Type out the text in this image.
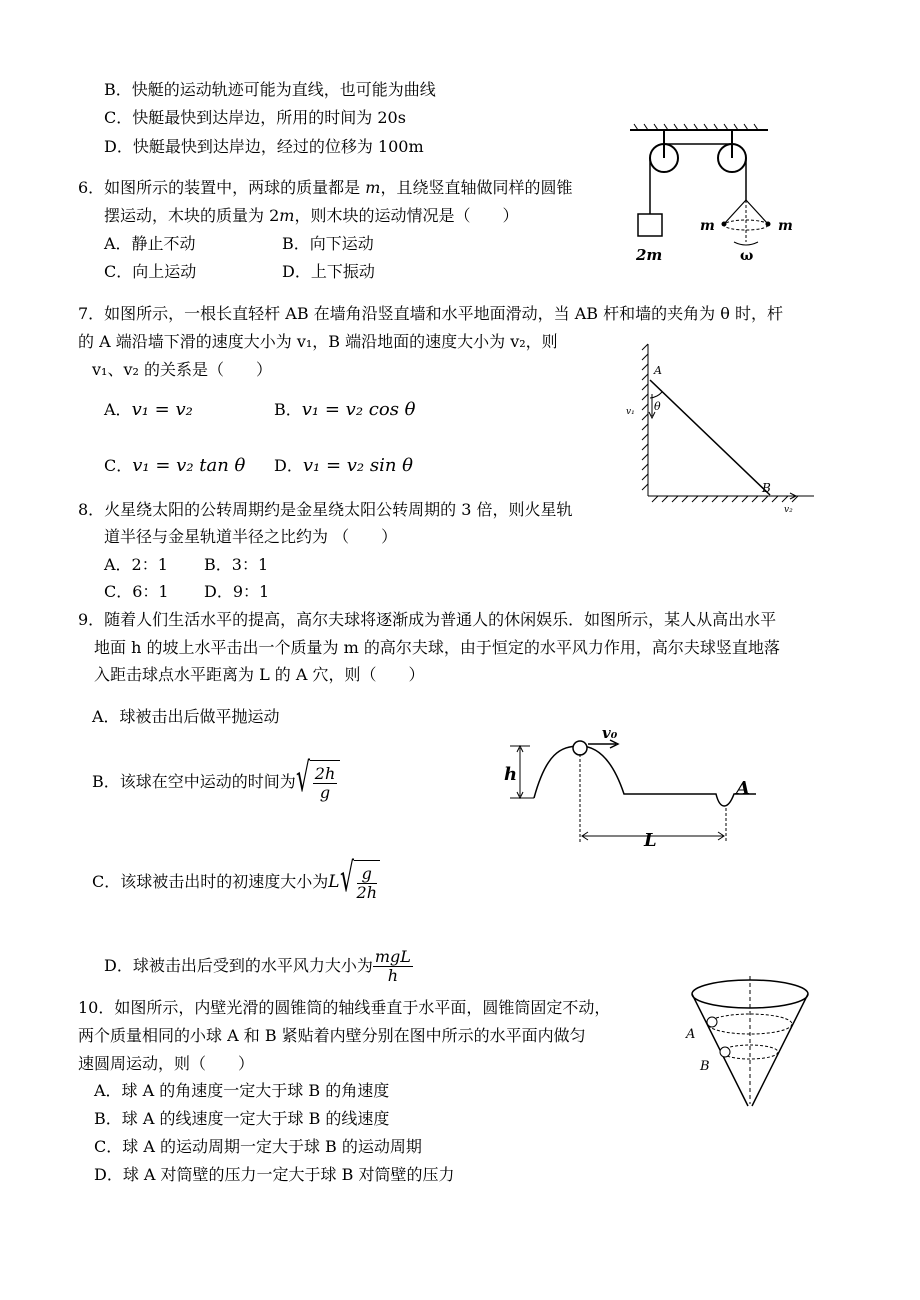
B．快艇的运动轨迹可能为直线，也可能为曲线
C．快艇最快到达岸边，所用的时间为 20s
D．快艇最快到达岸边，经过的位移为 100m
6．如图所示的装置中，两球的质量都是 m，且绕竖直轴做同样的圆锥
摆运动，木块的质量为 2m，则木块的运动情况是（　　）
A．静止不动	B．向下运动
C．向上运动	D．上下振动
2m
m	m
ω
7．如图所示，一根长直轻杆 AB 在墙角沿竖直墙和水平地面滑动，当 AB 杆和墙的夹角为 θ 时，杆
的 A 端沿墙下滑的速度大小为 v₁，B 端沿地面的速度大小为 v₂，则
v₁、v₂ 的关系是（　　）
A．v₁ = v₂	B．v₁ = v₂ cos θ
C．v₁ = v₂ tan θ D．v₁ = v₂ sin θ
A
θ
B
v₁
v₂
8．火星绕太阳的公转周期约是金星绕太阳公转周期的 3 倍，则火星轨
道半径与金星轨道半径之比约为 （　　）
A．2：1 B．3：1
C．6：1 D．9：1
9．随着人们生活水平的提高，高尔夫球将逐渐成为普通人的休闲娱乐．如图所示，某人从高出水平
地面 h 的坡上水平击出一个质量为 m 的高尔夫球，由于恒定的水平风力作用，高尔夫球竖直地落
入距击球点水平距离为 L 的 A 穴，则（　　）
A．球被击出后做平抛运动
B．该球在空中运动的时间为 √ $\frac{2h}{g}$
C．该球被击出时的初速度大小为L √ $\frac{g}{2h}$
D．球被击出后受到的水平风力大小为 $\frac{\text{mgL}}{h}$
h
v₀
A
L
10．如图所示，内壁光滑的圆锥筒的轴线垂直于水平面，圆锥筒固定不动，
两个质量相同的小球 A 和 B 紧贴着内壁分别在图中所示的水平面内做匀
速圆周运动，则（　　）
A．球 A 的角速度一定大于球 B 的角速度
B．球 A 的线速度一定大于球 B 的线速度
C．球 A 的运动周期一定大于球 B 的运动周期
D．球 A 对筒壁的压力一定大于球 B 对筒壁的压力
A
B
